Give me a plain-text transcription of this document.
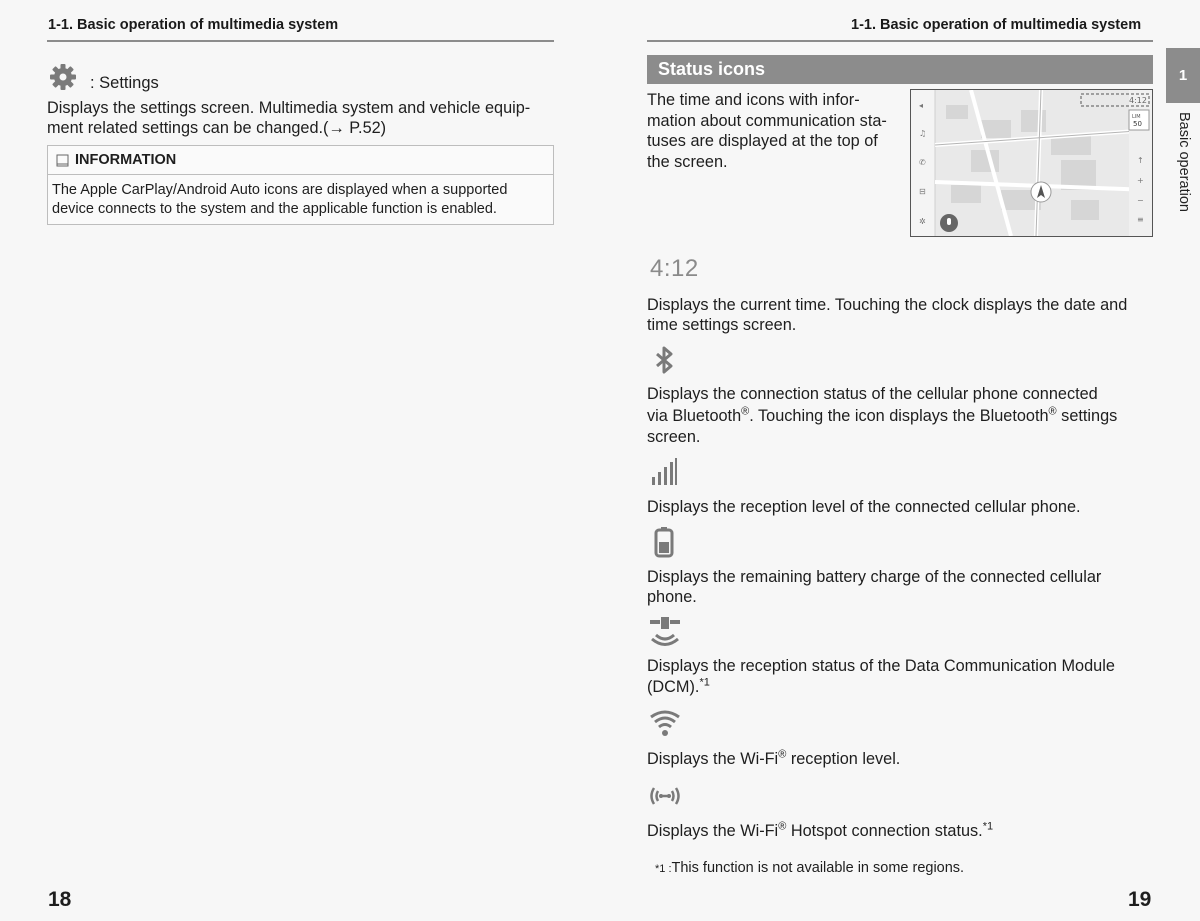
1-1. Basic operation of multimedia system
: Settings
Displays the settings screen. Multimedia system and vehicle equip-
ment related settings can be changed.(→ P.52)
INFORMATION
The Apple CarPlay/Android Auto icons are displayed when a supported
device connects to the system and the applicable function is enabled.
18
1-1. Basic operation of multimedia system
Status icons	1
Basic operation
The time and icons with infor-
mation about communication sta-
tuses are displayed at the top of
the screen.
◂
♫
✆
⊟
✲
↑
+
−
≡
4:12
LIM
50
4:12
Displays the current time. Touching the clock displays the date and
time settings screen.
Displays the connection status of the cellular phone connected
via Bluetooth®. Touching the icon displays the Bluetooth® settings
screen.
Displays the reception level of the connected cellular phone.
Displays the remaining battery charge of the connected cellular
phone.
Displays the reception status of the Data Communication Module
(DCM).$^{*1}$
Displays the Wi-Fi® reception level.
Displays the Wi-Fi® Hotspot connection status.$^{*1}$
*1 :This function is not available in some regions.
19
